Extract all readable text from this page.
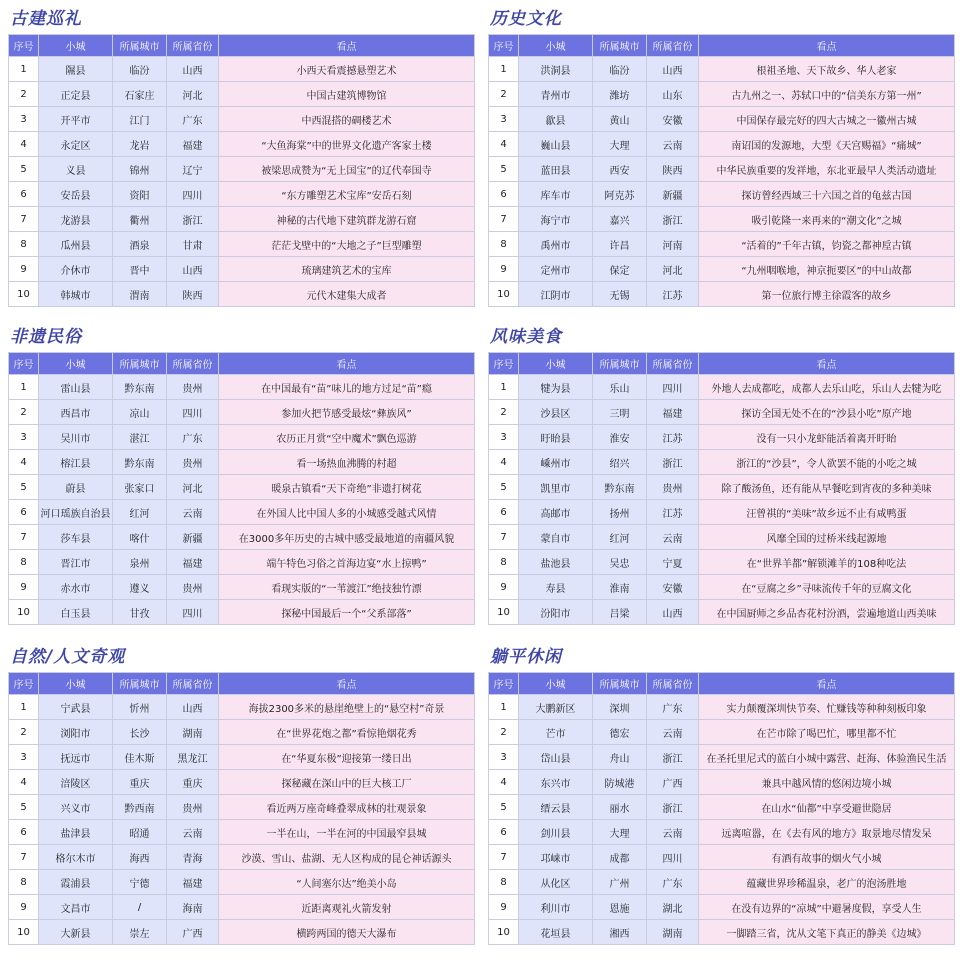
古建巡礼
序号	小城	所属城市	所属省份	看点
1	隰县	临汾	山西	小西天看震撼悬塑艺术
2	正定县	石家庄	河北	中国古建筑博物馆
3	开平市	江门	广东	中西混搭的碉楼艺术
4	永定区	龙岩	福建	“大鱼海棠”中的世界文化遗产客家土楼
5	义县	锦州	辽宁	被梁思成赞为“无上国宝”的辽代奉国寺
6	安岳县	资阳	四川	“东方雕塑艺术宝库”安岳石刻
7	龙游县	衢州	浙江	神秘的古代地下建筑群龙游石窟
8	瓜州县	酒泉	甘肃	茫茫戈壁中的“大地之子”巨型雕塑
9	介休市	晋中	山西	琉璃建筑艺术的宝库
10	韩城市	渭南	陕西	元代木建集大成者
历史文化
序号	小城	所属城市	所属省份	看点
1	洪洞县	临汾	山西	根祖圣地、天下故乡、华人老家
2	青州市	潍坊	山东	古九州之一、苏轼口中的“信美东方第一州”
3	歙县	黄山	安徽	中国保存最完好的四大古城之一徽州古城
4	巍山县	大理	云南	南诏国的发源地，大型《天宫赐福》“痛城”
5	蓝田县	西安	陕西	中华民族重要的发祥地，东北亚最早人类活动遗址
6	库车市	阿克苏	新疆	探访曾经西域三十六国之首的龟兹古国
7	海宁市	嘉兴	浙江	吸引乾隆一来再来的“潮文化”之城
8	禹州市	许昌	河南	“活着的”千年古镇，钧瓷之都神垕古镇
9	定州市	保定	河北	“九州咽喉地，神京扼要区”的中山故都
10	江阴市	无锡	江苏	第一位旅行博主徐霞客的故乡
非遗民俗
序号	小城	所属城市	所属省份	看点
1	雷山县	黔东南	贵州	在中国最有“苗”味儿的地方过足“苗”瘾
2	西昌市	凉山	四川	参加火把节感受最炫“彝族风”
3	吴川市	湛江	广东	农历正月赏“空中魔术”飘色巡游
4	榕江县	黔东南	贵州	看一场热血沸腾的村超
5	蔚县	张家口	河北	暖泉古镇看“天下奇绝”非遗打树花
6	河口瑶族自治县	红河	云南	在外国人比中国人多的小城感受越式风情
7	莎车县	喀什	新疆	在3000多年历史的古城中感受最地道的南疆风貌
8	晋江市	泉州	福建	端午特色习俗之首海边宴“水上掠鸭”
9	赤水市	遵义	贵州	看现实版的“一苇渡江”绝技独竹漂
10	白玉县	甘孜	四川	探秘中国最后一个“父系部落”
风味美食
序号	小城	所属城市	所属省份	看点
1	犍为县	乐山	四川	外地人去成都吃，成都人去乐山吃，乐山人去犍为吃
2	沙县区	三明	福建	探访全国无处不在的“沙县小吃”原产地
3	盱眙县	淮安	江苏	没有一只小龙虾能活着离开盱眙
4	嵊州市	绍兴	浙江	浙江的“沙县”，令人欲罢不能的小吃之城
5	凯里市	黔东南	贵州	除了酸汤鱼，还有能从早餐吃到宵夜的多种美味
6	高邮市	扬州	江苏	汪曾祺的“美味”故乡远不止有咸鸭蛋
7	蒙自市	红河	云南	风靡全国的过桥米线起源地
8	盐池县	吴忠	宁夏	在“世界羊都”解锁滩羊的108种吃法
9	寿县	淮南	安徽	在“豆腐之乡”寻味流传千年的豆腐文化
10	汾阳市	吕梁	山西	在中国厨师之乡品杏花村汾酒，尝遍地道山西美味
自然/人文奇观
序号	小城	所属城市	所属省份	看点
1	宁武县	忻州	山西	海拔2300多米的悬崖绝壁上的“悬空村”奇景
2	浏阳市	长沙	湖南	在“世界花炮之都”看惊艳烟花秀
3	抚远市	佳木斯	黑龙江	在“华夏东极”迎接第一缕日出
4	涪陵区	重庆	重庆	探秘藏在深山中的巨大核工厂
5	兴义市	黔西南	贵州	看近两万座奇峰叠翠成林的壮观景象
6	盐津县	昭通	云南	一半在山，一半在河的中国最窄县城
7	格尔木市	海西	青海	沙漠、雪山、盐湖、无人区构成的昆仑神话源头
8	霞浦县	宁德	福建	“人间塞尔达”绝美小岛
9	文昌市	/	海南	近距离观礼火箭发射
10	大新县	崇左	广西	横跨两国的德天大瀑布
躺平休闲
序号	小城	所属城市	所属省份	看点
1	大鹏新区	深圳	广东	实力颠覆深圳快节奏、忙赚钱等种种刻板印象
2	芒市	德宏	云南	在芒市除了喝巴忙，哪里都不忙
3	岱山县	舟山	浙江	在圣托里尼式的蓝白小城中露营、赶海、体验渔民生活
4	东兴市	防城港	广西	兼具中越风情的悠闲边境小城
5	缙云县	丽水	浙江	在山水“仙都”中享受避世隐居
6	剑川县	大理	云南	远离喧嚣，在《去有风的地方》取景地尽情发呆
7	邛崃市	成都	四川	有酒有故事的烟火气小城
8	从化区	广州	广东	蕴藏世界珍稀温泉，老广的泡汤胜地
9	利川市	恩施	湖北	在没有边界的“凉城”中避暑度假，享受人生
10	花垣县	湘西	湖南	一脚踏三省，沈从文笔下真正的静美《边城》
